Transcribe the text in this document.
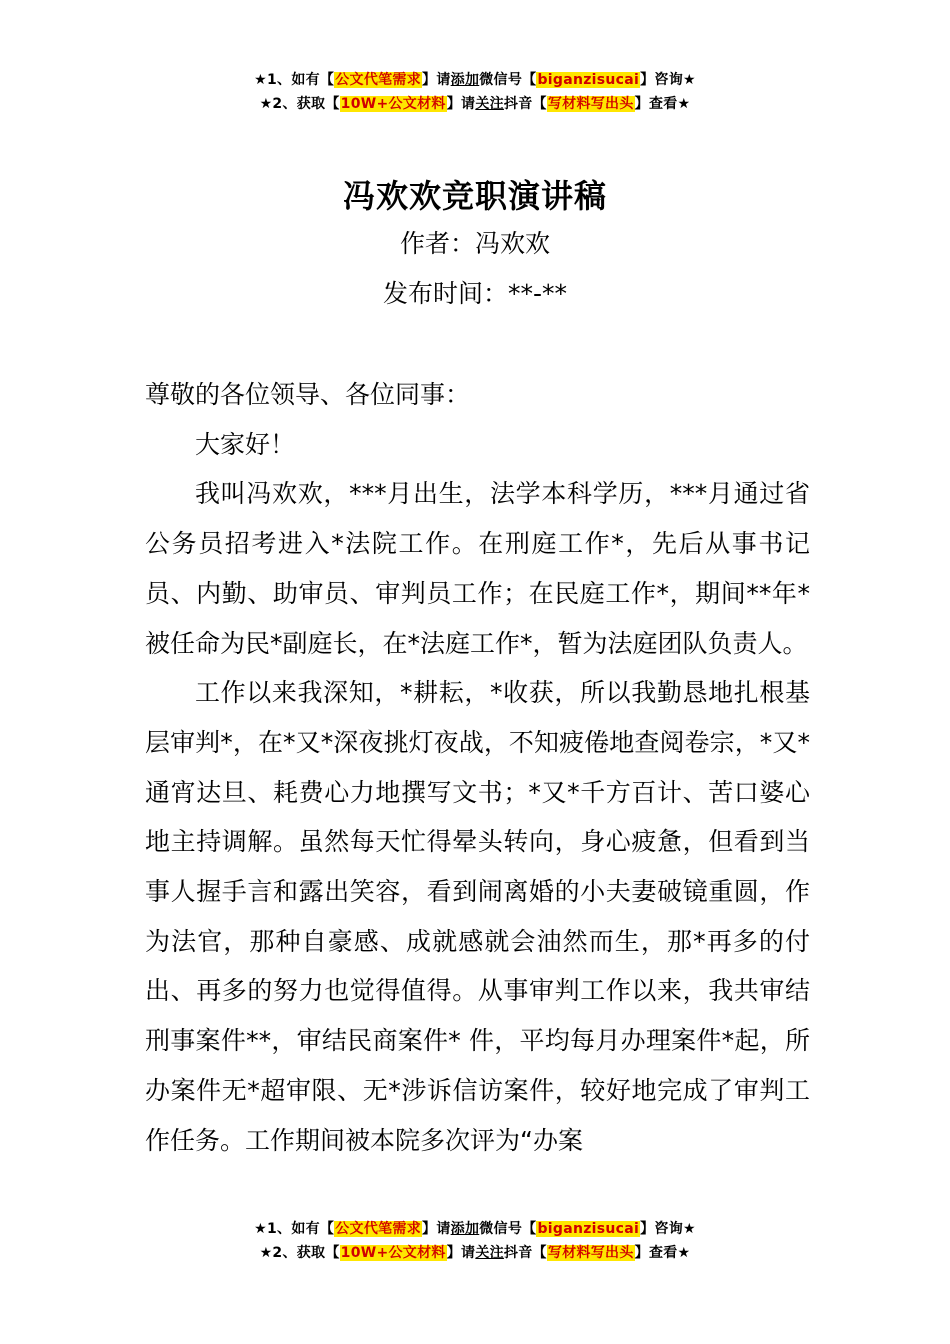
★1、如有【公文代笔需求】请添加微信号【biganzisucai】咨询★
★2、获取【10W+公文材料】请关注抖音【写材料写出头】查看★
冯欢欢竞职演讲稿
作者：冯欢欢
发布时间：**-**

尊敬的各位领导、各位同事：

大家好！

我叫冯欢欢，***月出生，法学本科学历，***月通过省公务员招考进入*法院工作。在刑庭工作*，先后从事书记员、内勤、助审员、审判员工作；在民庭工作*，期间**年*被任命为民*副庭长，在*法庭工作*，暂为法庭团队负责人。

工作以来我深知，*耕耘，*收获，所以我勤恳地扎根基层审判*，在*又*深夜挑灯夜战，不知疲倦地查阅卷宗，*又*通宵达旦、耗费心力地撰写文书；*又*千方百计、苦口婆心地主持调解。虽然每天忙得晕头转向，身心疲惫，但看到当事人握手言和露出笑容，看到闹离婚的小夫妻破镜重圆，作为法官，那种自豪感、成就感就会油然而生，那*再多的付出、再多的努力也觉得值得。从事审判工作以来，我共审结刑事案件**，审结民商案件* 件，平均每月办理案件*起，所办案件无*超审限、无*涉诉信访案件，较好地完成了审判工作任务。工作期间被本院多次评为“办案

★1、如有【公文代笔需求】请添加微信号【biganzisucai】咨询★
★2、获取【10W+公文材料】请关注抖音【写材料写出头】查看★
